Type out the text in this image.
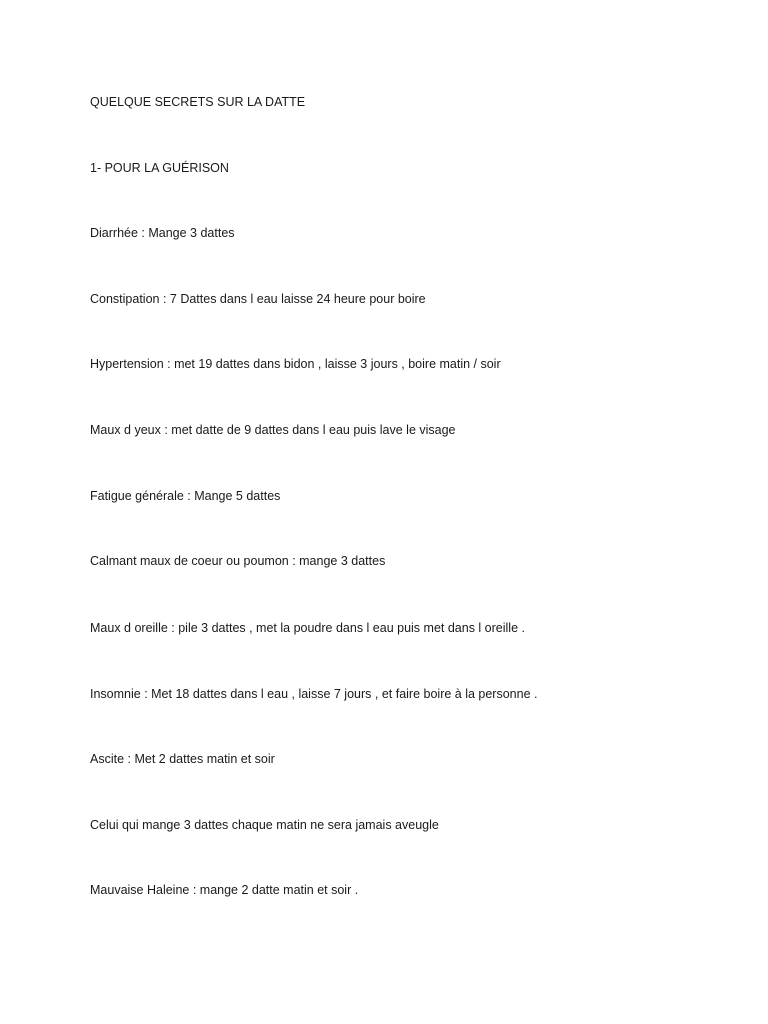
QUELQUE SECRETS SUR LA DATTE
1- POUR LA GUÉRISON
Diarrhée : Mange 3 dattes
Constipation : 7 Dattes dans l eau laisse 24 heure pour boire
Hypertension : met 19 dattes dans bidon , laisse 3 jours , boire matin / soir
Maux d yeux : met datte de 9 dattes dans l eau puis lave le visage
Fatigue générale : Mange 5 dattes
Calmant maux de coeur ou poumon : mange 3 dattes
Maux d oreille : pile 3 dattes , met la poudre dans l eau puis met dans l oreille .
Insomnie : Met 18 dattes dans l eau , laisse 7 jours , et faire boire à la personne .
Ascite : Met 2 dattes matin et soir
Celui qui mange 3 dattes chaque matin ne sera jamais aveugle
Mauvaise Haleine : mange 2 datte matin et soir .
